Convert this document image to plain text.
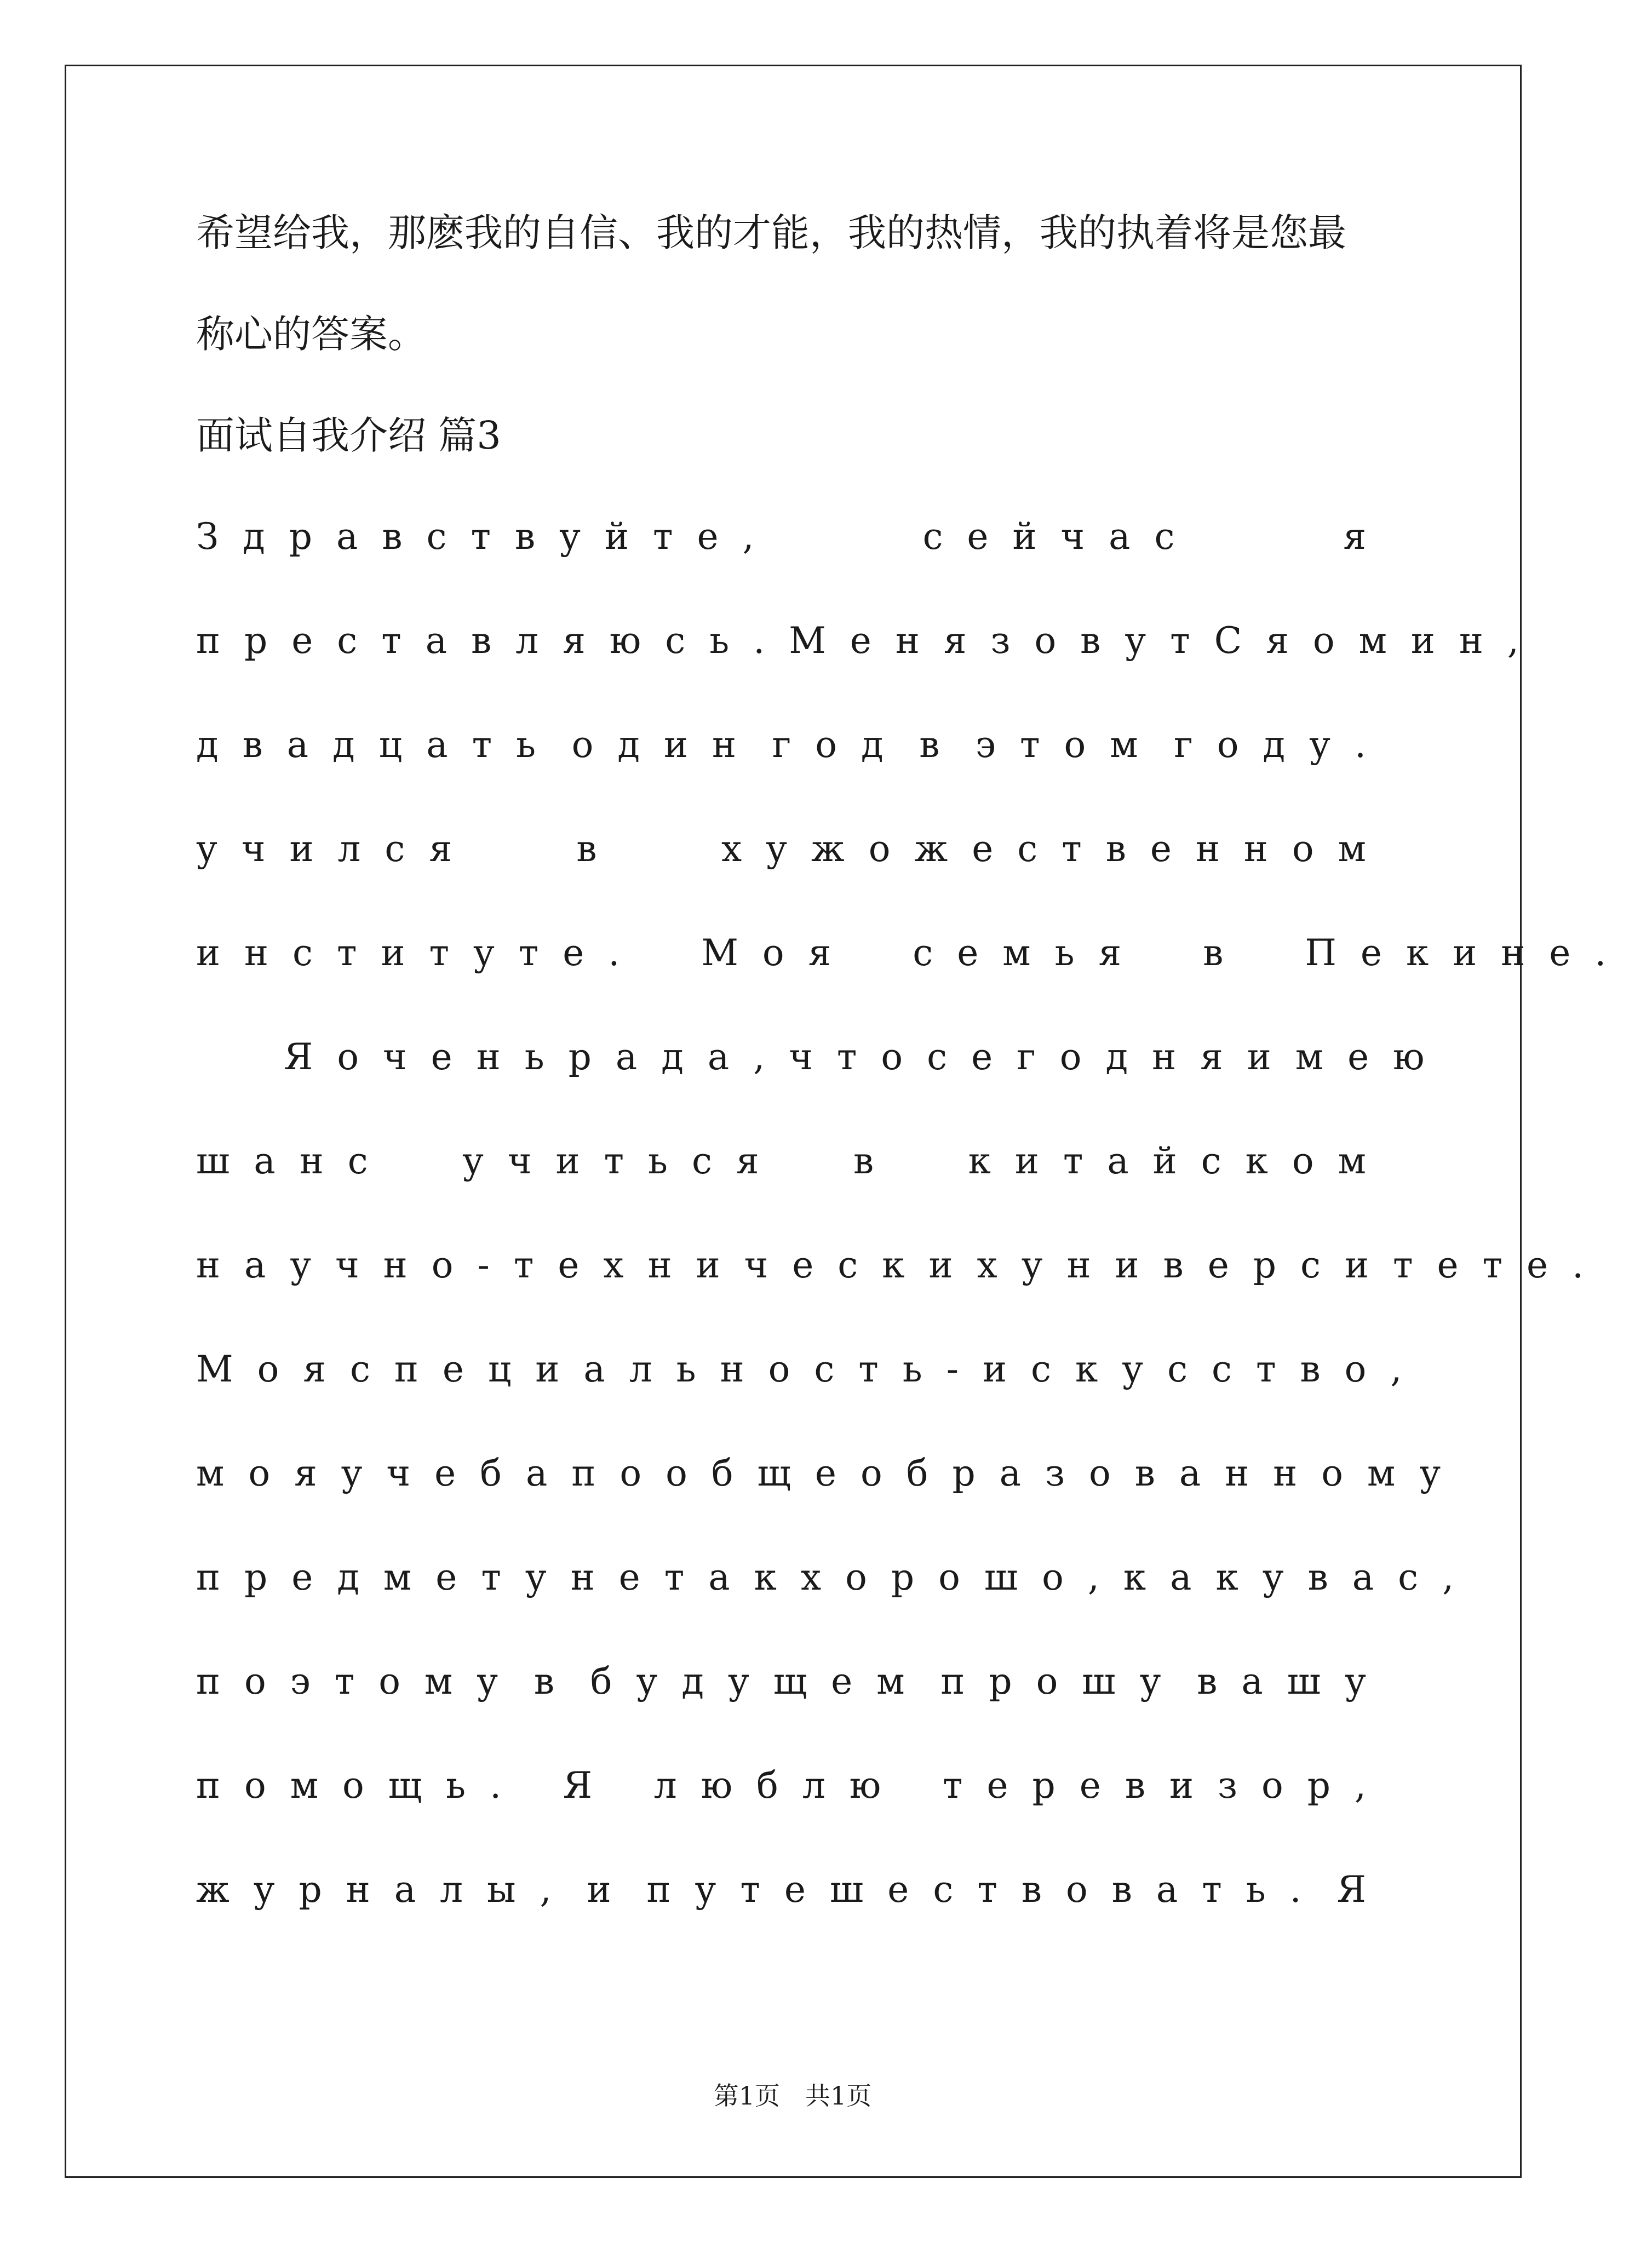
希望给我，那麽我的自信、我的才能，我的热情，我的执着将是您最
称心的答案。
面试自我介绍 篇3
Здравствуйте,	сейчас	я
преставляюсь. Меня зовут Сяомин,
двадцать один год в этом году.
учился	в	хужожественном
институте. Моя семья в Пекине.
Я очень рада, что сегодня имею
шанс учиться в китайском
научно-технических университете.
Моя специальность- искусство,
моя учеба по общеобразованному
предмету не так хорошо, как у вас,
поэтому в будущем прошу вашу
помощь. Я люблю теревизор,
журналы, и путешествовать. Я
第1页　共1页
